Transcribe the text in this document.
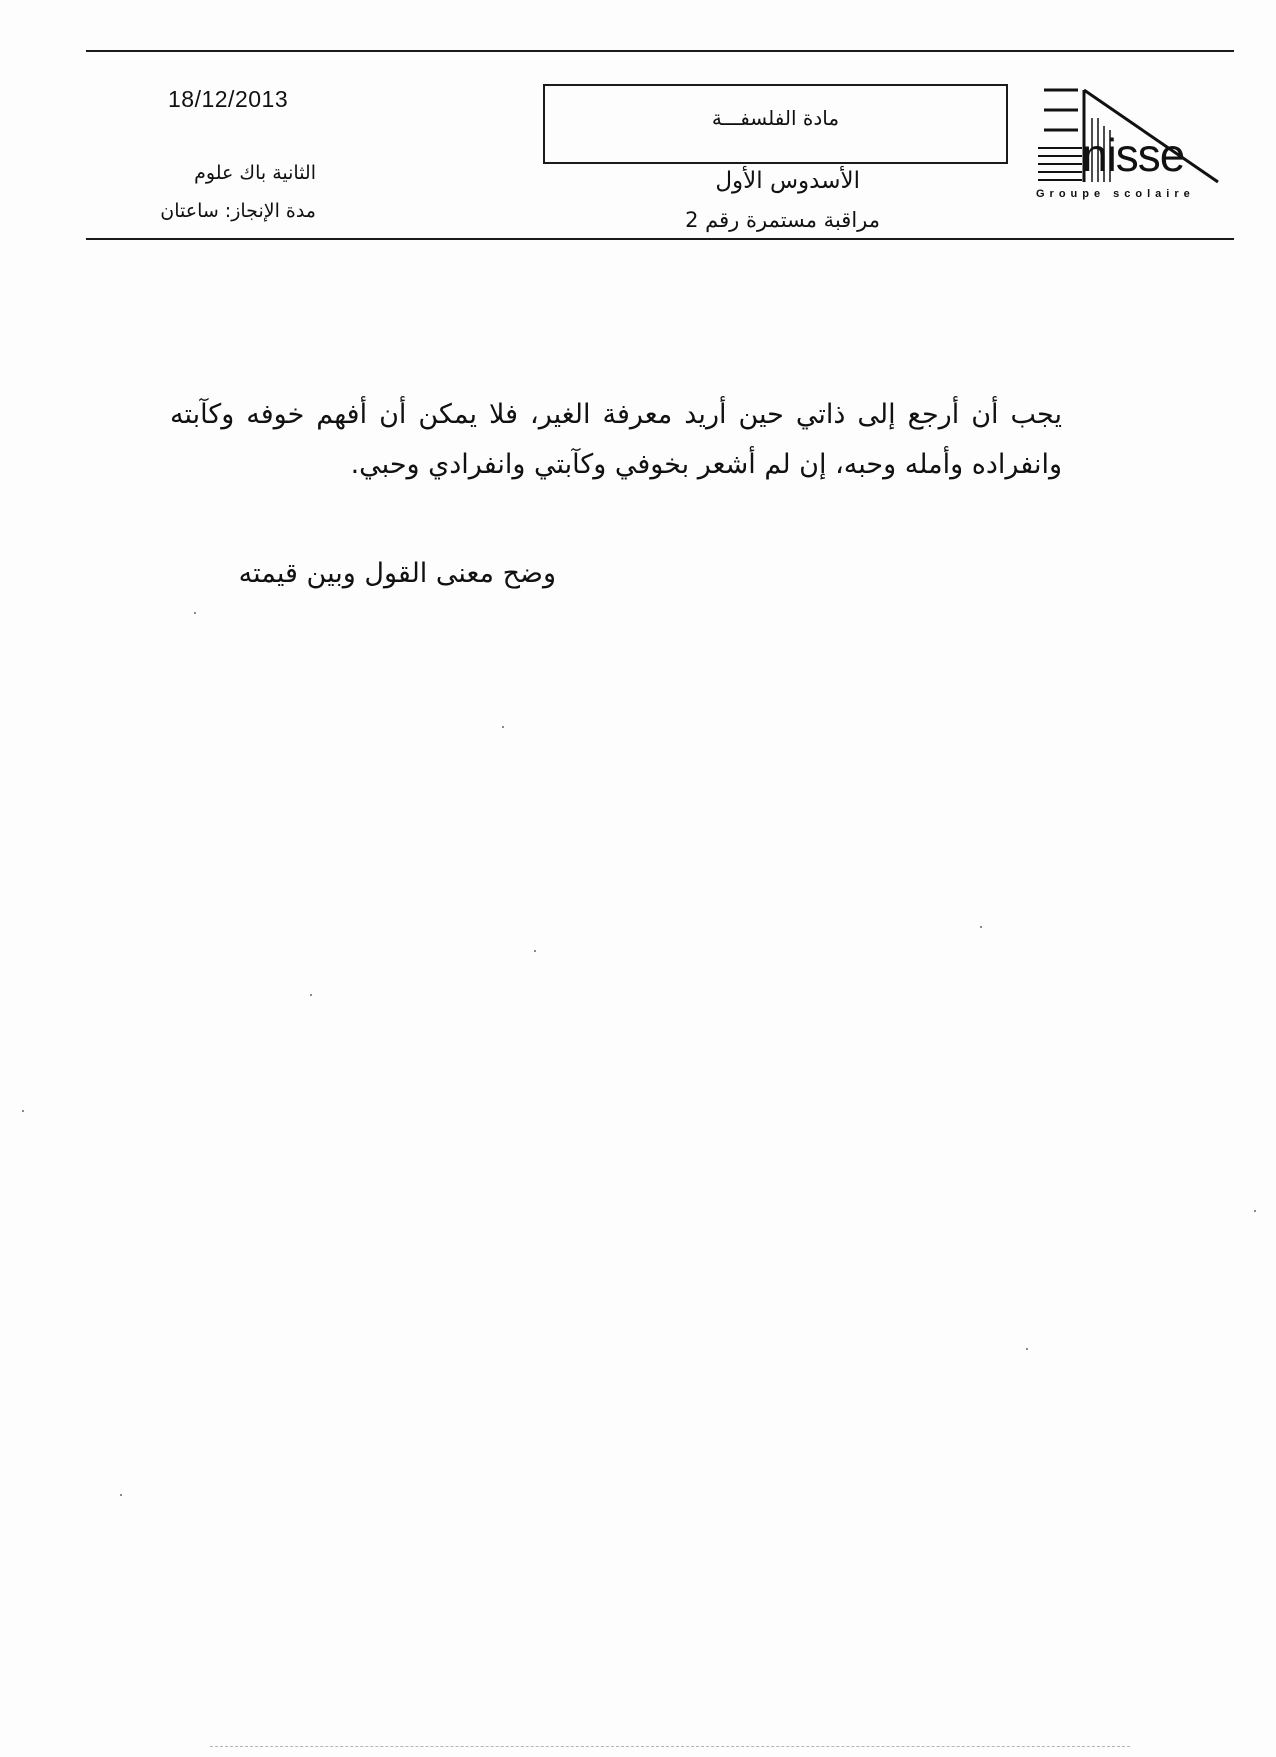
18/12/2013
الثانية باك علوم
مدة الإنجاز: ساعتان
مادة الفلسفـــة
الأسدوس الأول
مراقبة مستمرة رقم 2
nisse
Groupe scolaire
يجب أن أرجع إلى ذاتي حين أريد معرفة الغير، فلا يمكن أن أفهم خوفه وكآبته وانفراده وأمله وحبه، إن لم أشعر بخوفي وكآبتي وانفرادي وحبي.
وضح معنى القول وبين قيمته
